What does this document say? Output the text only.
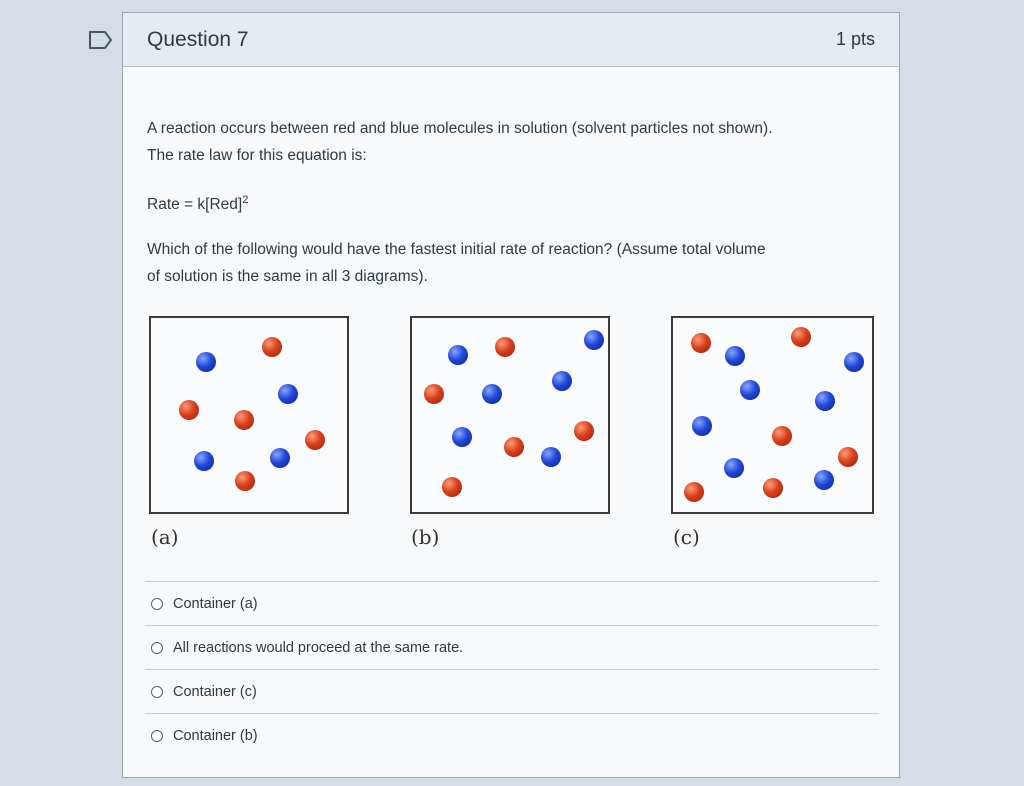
Question 7	1 pts

A reaction occurs between red and blue molecules in solution (solvent particles not shown).

The rate law for this equation is:

Rate = k[Red]$^2$

Which of the following would have the fastest initial rate of reaction? (Assume total volume

of solution is the same in all 3 diagrams).

(a)	(b)	(c)
Container (a)
All reactions would proceed at the same rate.
Container (c)
Container (b)
